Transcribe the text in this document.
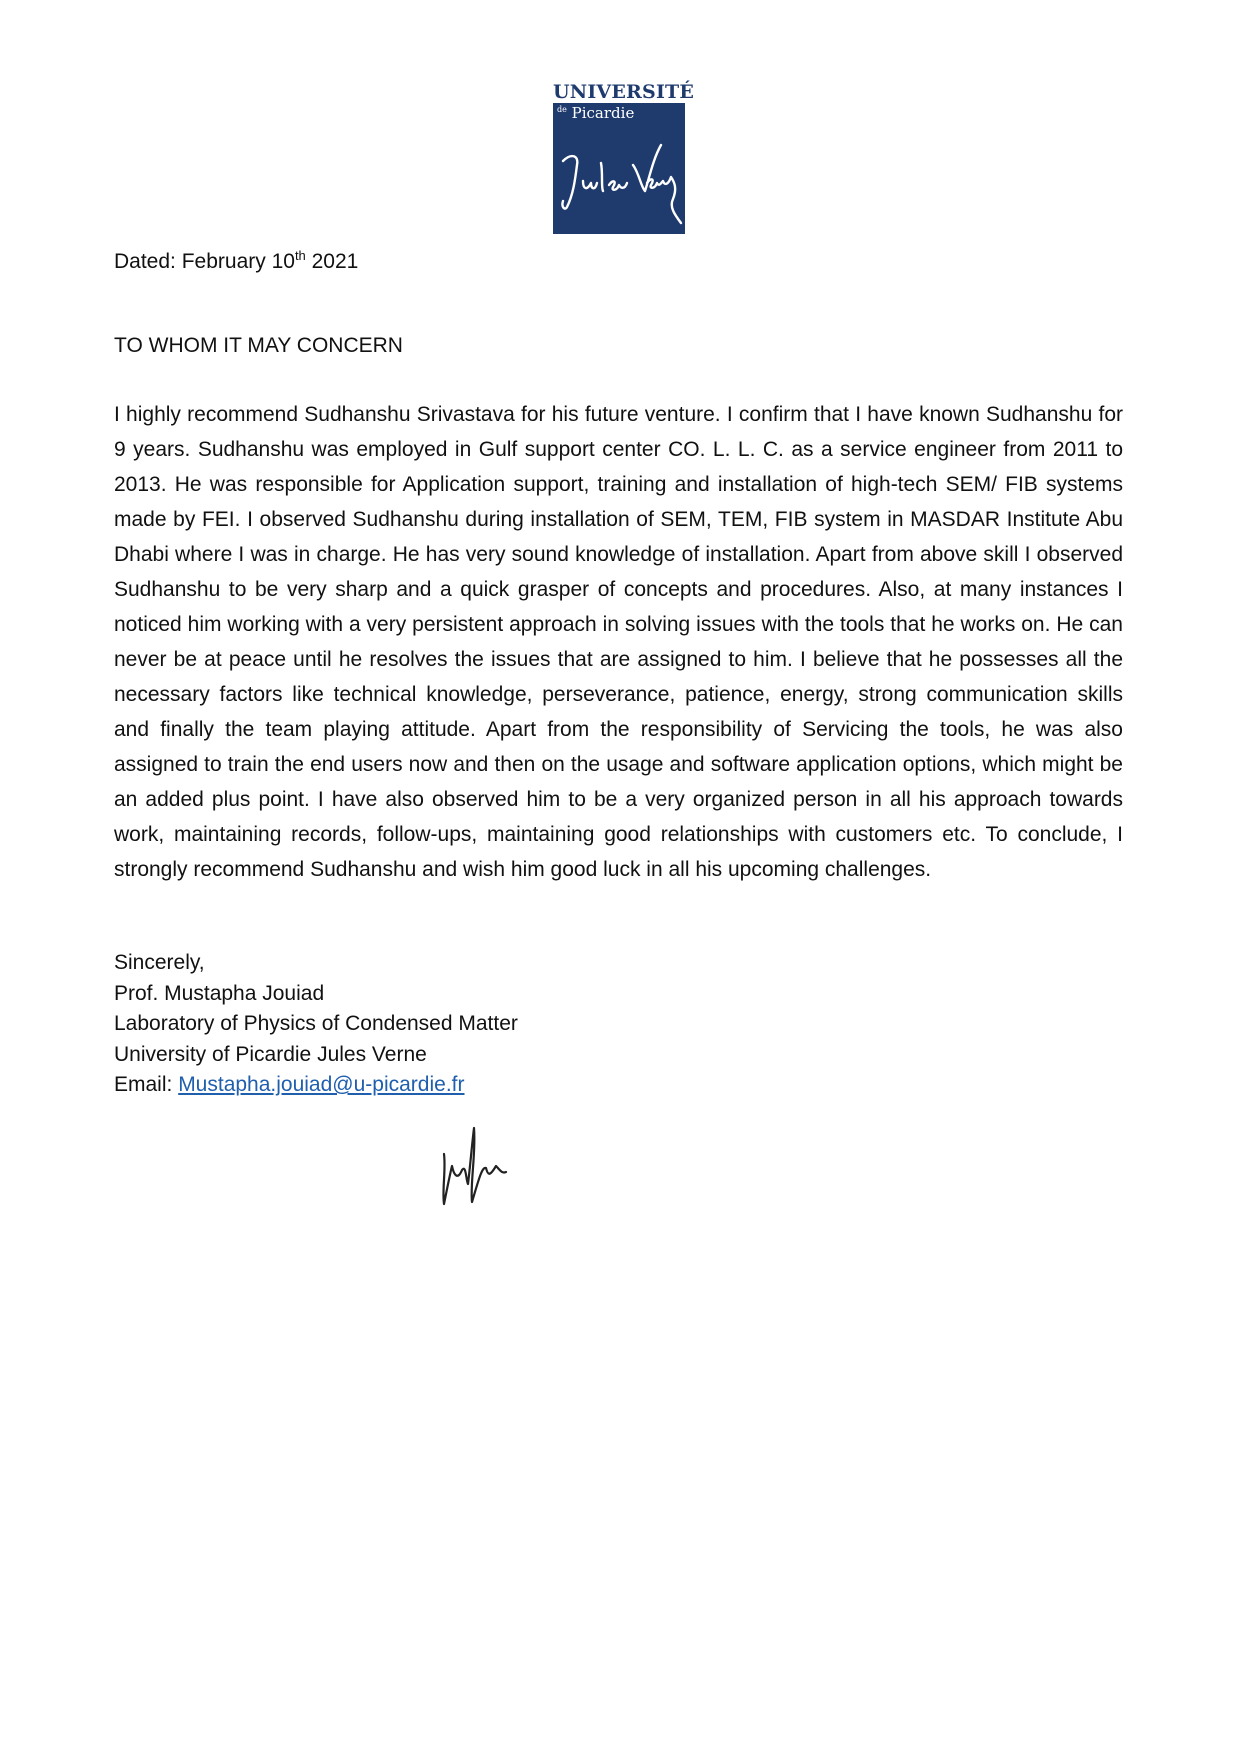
UNIVERSITÉ
$^{de}$ Picardie
Dated: February 10th 2021
TO WHOM IT MAY CONCERN

I highly recommend Sudhanshu Srivastava for his future venture. I confirm that I have known Sudhanshu for 9 years. Sudhanshu was employed in Gulf support center CO. L. L. C. as a service engineer from 2011 to 2013. He was responsible for Application support, training and installation of high-tech SEM/ FIB systems made by FEI. I observed Sudhanshu during installation of SEM, TEM, FIB system in MASDAR Institute Abu Dhabi where I was in charge. He has very sound knowledge of installation. Apart from above skill I observed Sudhanshu to be very sharp and a quick grasper of concepts and procedures. Also, at many instances I noticed him working with a very persistent approach in solving issues with the tools that he works on. He can never be at peace until he resolves the issues that are assigned to him. I believe that he possesses all the necessary factors like technical knowledge, perseverance, patience, energy, strong communication skills and finally the team playing attitude. Apart from the responsibility of Servicing the tools, he was also assigned to train the end users now and then on the usage and software application options, which might be an added plus point. I have also observed him to be a very organized person in all his approach towards work, maintaining records, follow-ups, maintaining good relationships with customers etc. To conclude, I strongly recommend Sudhanshu and wish him good luck in all his upcoming challenges.

Sincerely,
Prof. Mustapha Jouiad
Laboratory of Physics of Condensed Matter
University of Picardie Jules Verne
Email: Mustapha.jouiad@u-picardie.fr
